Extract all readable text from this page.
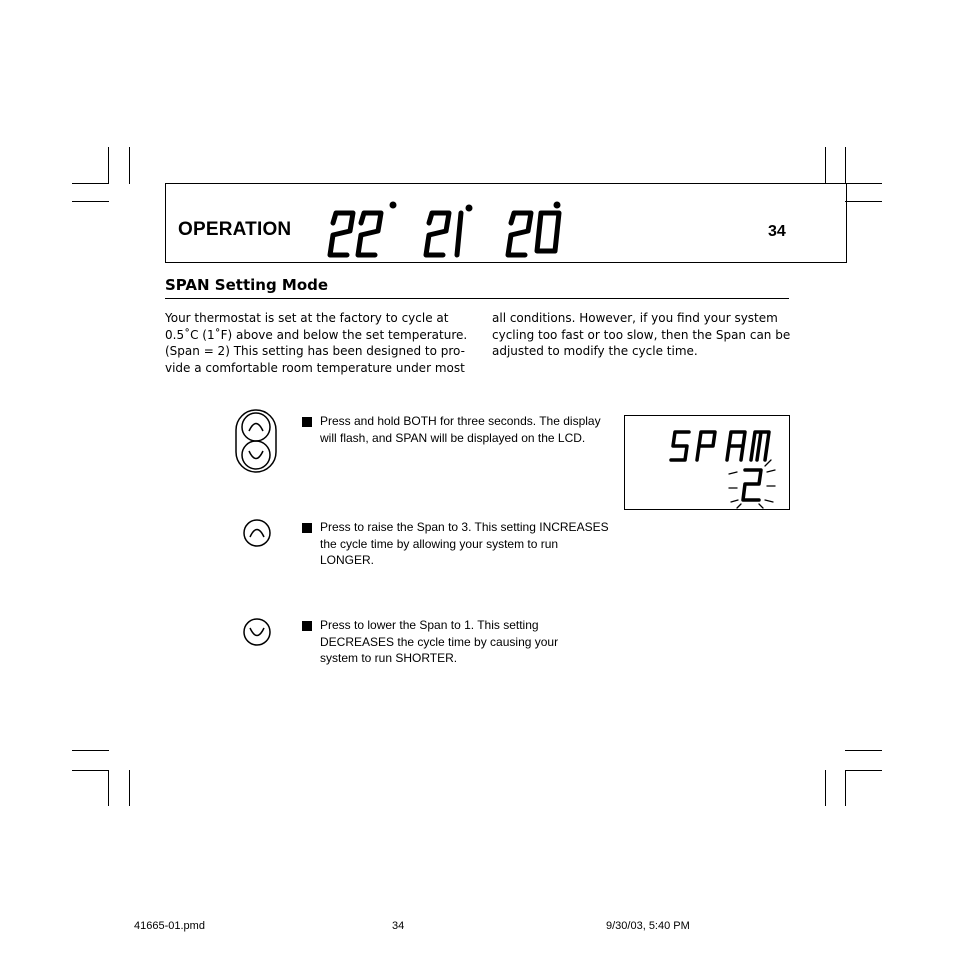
OPERATION	34
SPAN Setting Mode
Your thermostat is set at the factory to cycle at
0.5˚C (1˚F) above and below the set temperature.
(Span = 2) This setting has been designed to pro-
vide a comfortable room temperature under most
all conditions. However, if you find your system
cycling too fast or too slow, then the Span can be
adjusted to modify the cycle time.
Press and hold BOTH for three seconds. The display
will flash, and SPAN will be displayed on the LCD.
Press to raise the Span to 3. This setting INCREASES
the cycle time by allowing your system to run
LONGER.
Press to lower the Span to 1. This setting
DECREASES the cycle time by causing your
system to run SHORTER.
41665-01.pmd	34	9/30/03, 5:40 PM
